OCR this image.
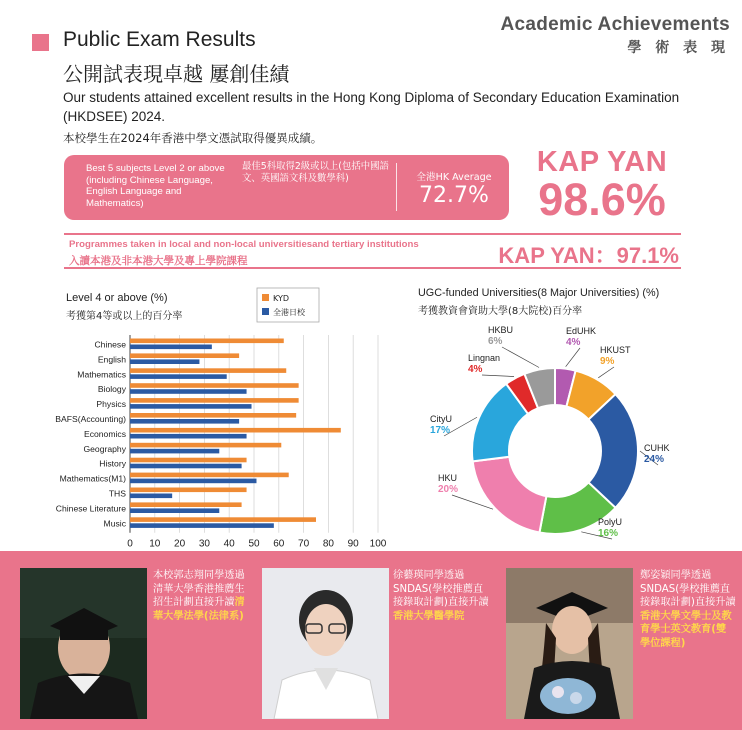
Academic Achievements
學 術 表 現
Public Exam Results
公開試表現卓越 屢創佳績
Our students attained excellent results in the Hong Kong Diploma of Secondary Education Examination (HKDSEE) 2024.
本校學生在2024年香港中學文憑試取得優異成績。
Best 5 subjects Level 2 or above (including Chinese Language, English Language and Mathematics)
最佳5科取得2級或以上(包括中國語文、英國語文科及數學科)	全港HK Average
72.7%
KAP YAN
98.6%
Programmes taken in local and non-local universitiesand tertiary institutions
入讀本港及非本港大學及專上學院課程	KAP YAN：97.1%
Level 4 or above (%)
考獲第4等或以上的百分率
0 10 20 30 40 50 60 70 80 90 100
Chinese
English
Mathematics
Biology
Physics
BAFS(Accounting)
Economics
Geography
History
Mathematics(M1)
THS
Chinese Literature
Music
KYD
全港日校
UGC-funded Universities(8 Major Universities) (%)
考獲教資會資助大學(8大院校)百分率
EdUHK
4%
HKUST
9%
CUHK
24%
PolyU
16%
HKU
20%
CityU
17%
Lingnan
4%
HKBU
6%
本校郭志翔同學透過清華大學香港推薦生招生計劃直接升讀清華大學法學(法律系)
徐藝瑛同學透過SNDAS(學校推薦直接錄取計劃)直接升讀香港大學醫學院
鄭姿穎同學透過SNDAS(學校推薦直接錄取計劃)直接升讀香港大學文學士及教育學士英文教育(雙學位課程)
